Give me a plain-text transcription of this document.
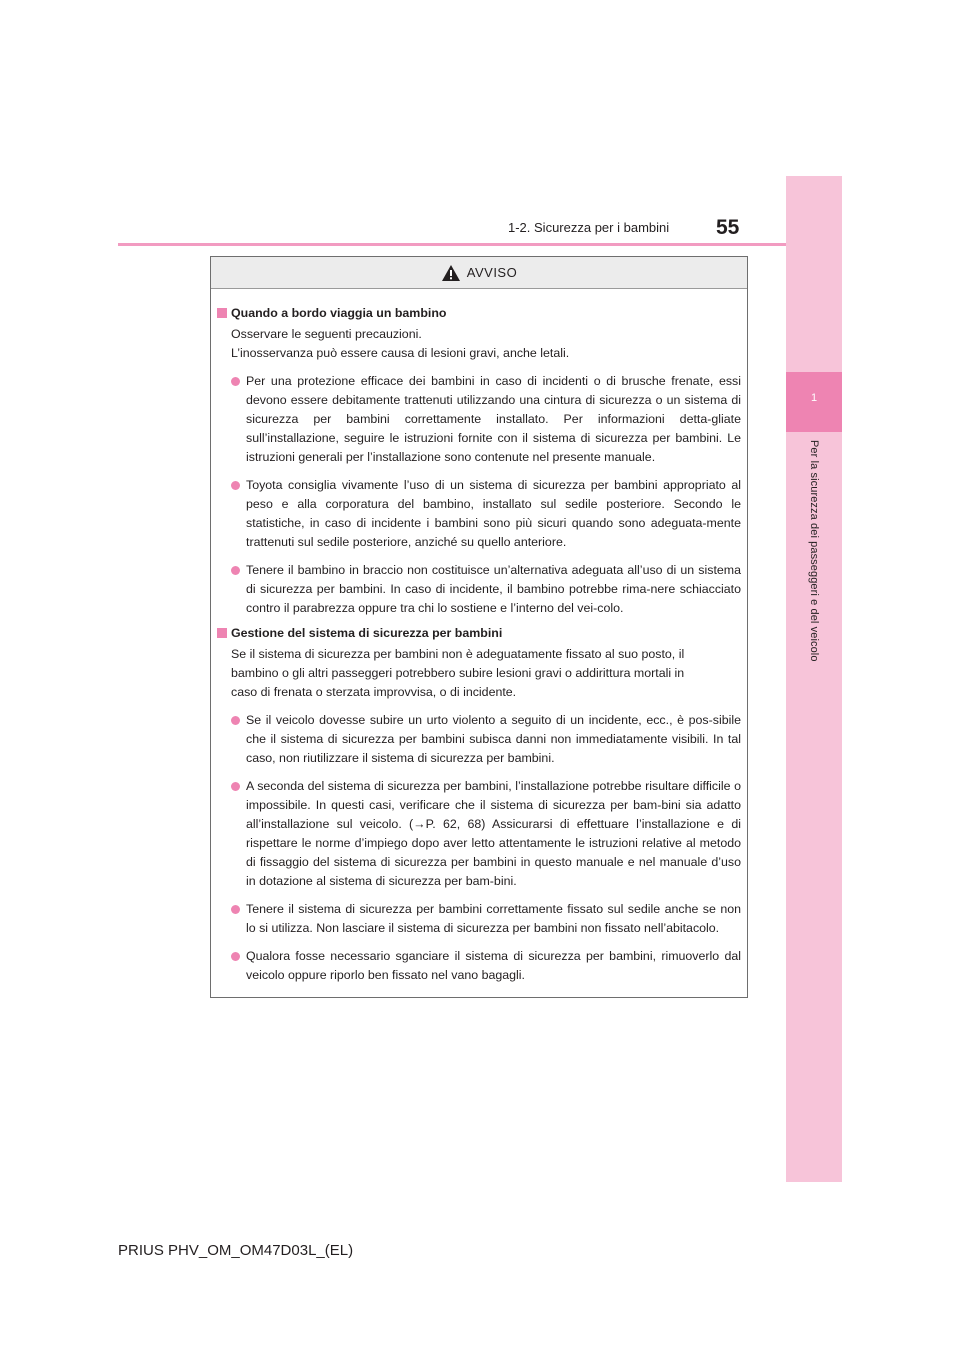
55
1-2. Sicurezza per i bambini
1
Per la sicurezza dei passeggeri e del veicolo
AVVISO
Quando a bordo viaggia un bambino
Osservare le seguenti precauzioni.
L’inosservanza può essere causa di lesioni gravi, anche letali.
Per una protezione efficace dei bambini in caso di incidenti o di brusche frenate, essi devono essere debitamente trattenuti utilizzando una cintura di sicurezza o un sistema di sicurezza per bambini correttamente installato. Per informazioni detta-gliate sull’installazione, seguire le istruzioni fornite con il sistema di sicurezza per bambini. Le istruzioni generali per l’installazione sono contenute nel presente manuale.
Toyota consiglia vivamente l’uso di un sistema di sicurezza per bambini appropriato al peso e alla corporatura del bambino, installato sul sedile posteriore. Secondo le statistiche, in caso di incidente i bambini sono più sicuri quando sono adeguata-mente trattenuti sul sedile posteriore, anziché su quello anteriore.
Tenere il bambino in braccio non costituisce un’alternativa adeguata all’uso di un sistema di sicurezza per bambini. In caso di incidente, il bambino potrebbe rima-nere schiacciato contro il parabrezza oppure tra chi lo sostiene e l’interno del vei-colo.
Gestione del sistema di sicurezza per bambini
Se il sistema di sicurezza per bambini non è adeguatamente fissato al suo posto, il
bambino o gli altri passeggeri potrebbero subire lesioni gravi o addirittura mortali in
caso di frenata o sterzata improvvisa, o di incidente.
Se il veicolo dovesse subire un urto violento a seguito di un incidente, ecc., è pos-sibile che il sistema di sicurezza per bambini subisca danni non immediatamente visibili. In tal caso, non riutilizzare il sistema di sicurezza per bambini.
A seconda del sistema di sicurezza per bambini, l’installazione potrebbe risultare difficile o impossibile. In questi casi, verificare che il sistema di sicurezza per bam-bini sia adatto all’installazione sul veicolo. (→P. 62, 68) Assicurarsi di effettuare l’installazione e di rispettare le norme d’impiego dopo aver letto attentamente le istruzioni relative al metodo di fissaggio del sistema di sicurezza per bambini in questo manuale e nel manuale d’uso in dotazione al sistema di sicurezza per bam-bini.
Tenere il sistema di sicurezza per bambini correttamente fissato sul sedile anche se non lo si utilizza. Non lasciare il sistema di sicurezza per bambini non fissato nell’abitacolo.
Qualora fosse necessario sganciare il sistema di sicurezza per bambini, rimuoverlo dal veicolo oppure riporlo ben fissato nel vano bagagli.
PRIUS PHV_OM_OM47D03L_(EL)
